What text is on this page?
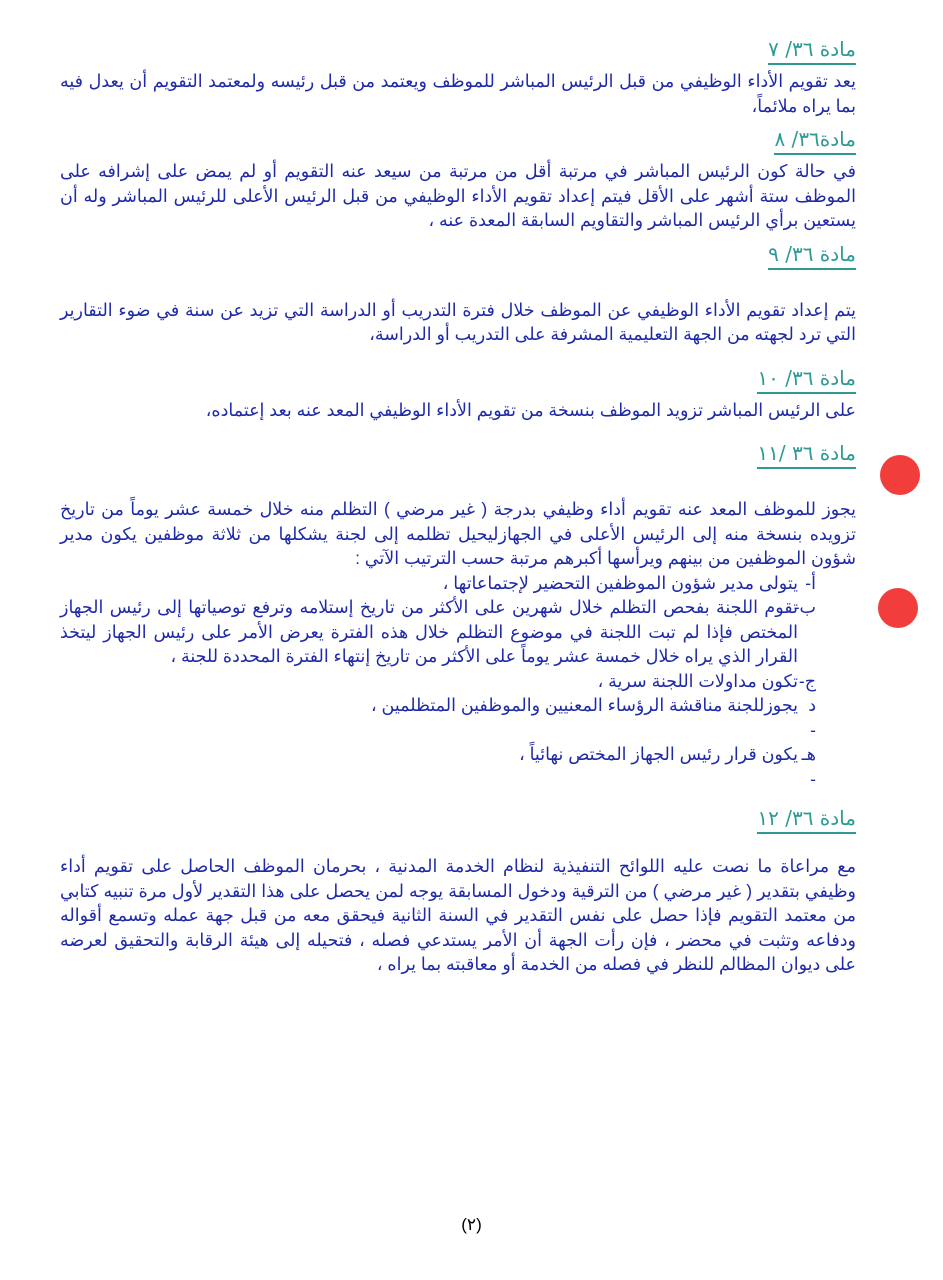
مادة ٣٦/ ٧

يعد تقويم الأداء الوظيفي من قبل الرئيس المباشر للموظف ويعتمد من قبل رئيسه ولمعتمد التقويم أن يعدل فيه بما يراه ملائماً،

مادة٣٦/ ٨

في حالة كون الرئيس المباشر في مرتبة أقل من مرتبة من سيعد عنه التقويم أو لم يمض على إشرافه على الموظف ستة أشهر على الأقل فيتم إعداد تقويم الأداء الوظيفي من قبل الرئيس الأعلى للرئيس المباشر وله أن يستعين برأي الرئيس المباشر والتقاويم السابقة المعدة عنه ،

مادة ٣٦/ ٩

يتم إعداد تقويم الأداء الوظيفي عن الموظف خلال فترة التدريب أو الدراسة التي تزيد عن سنة في ضوء التقارير التي ترد لجهته من الجهة التعليمية المشرفة على التدريب أو الدراسة،

مادة ٣٦/ ١٠

على الرئيس المباشر تزويد الموظف بنسخة من تقويم الأداء الوظيفي المعد عنه بعد إعتماده،

مادة ٣٦ /١١

يجوز للموظف المعد عنه تقويم أداء وظيفي بدرجة ( غير مرضي ) التظلم منه خلال خمسة عشر يوماً من تاريخ تزويده بنسخة منه إلى الرئيس الأعلى في الجهازليحيل تظلمه إلى لجنة يشكلها من ثلاثة موظفين يكون مدير شؤون الموظفين من بينهم ويرأسها أكبرهم مرتبة حسب الترتيب الآتي :

أ-
يتولى مدير شؤون الموظفين التحضير لإجتماعاتها ،
ب-
تقوم اللجنة بفحص التظلم خلال شهرين على الأكثر من تاريخ إستلامه وترفع توصياتها إلى رئيس الجهاز المختص فإذا لم تبت اللجنة في موضوع التظلم خلال هذه الفترة يعرض الأمر على رئيس الجهاز ليتخذ القرار الذي يراه خلال خمسة عشر يوماً على الأكثر من تاريخ إنتهاء الفترة المحددة للجنة ،
ج-
تكون مداولات اللجنة سرية ،
د -
يجوزللجنة مناقشة الرؤساء المعنيين والموظفين المتظلمين ،
هـ -
يكون قرار رئيس الجهاز المختص نهائياً ،
مادة ٣٦/ ١٢

مع مراعاة ما نصت عليه اللوائح التنفيذية لنظام الخدمة المدنية ، بحرمان الموظف الحاصل على تقويم أداء وظيفي بتقدير ( غير مرضي ) من الترقية ودخول المسابقة يوجه لمن يحصل على هذا التقدير لأول مرة تنبيه كتابي من معتمد التقويم فإذا حصل على نفس التقدير في السنة الثانية فيحقق معه من قبل جهة عمله وتسمع أقواله ودفاعه وتثبت في محضر ، فإن رأت الجهة أن الأمر يستدعي فصله ، فتحيله إلى هيئة الرقابة والتحقيق لعرضه على ديوان المظالم للنظر في فصله من الخدمة أو معاقبته بما يراه ،

(٢)
